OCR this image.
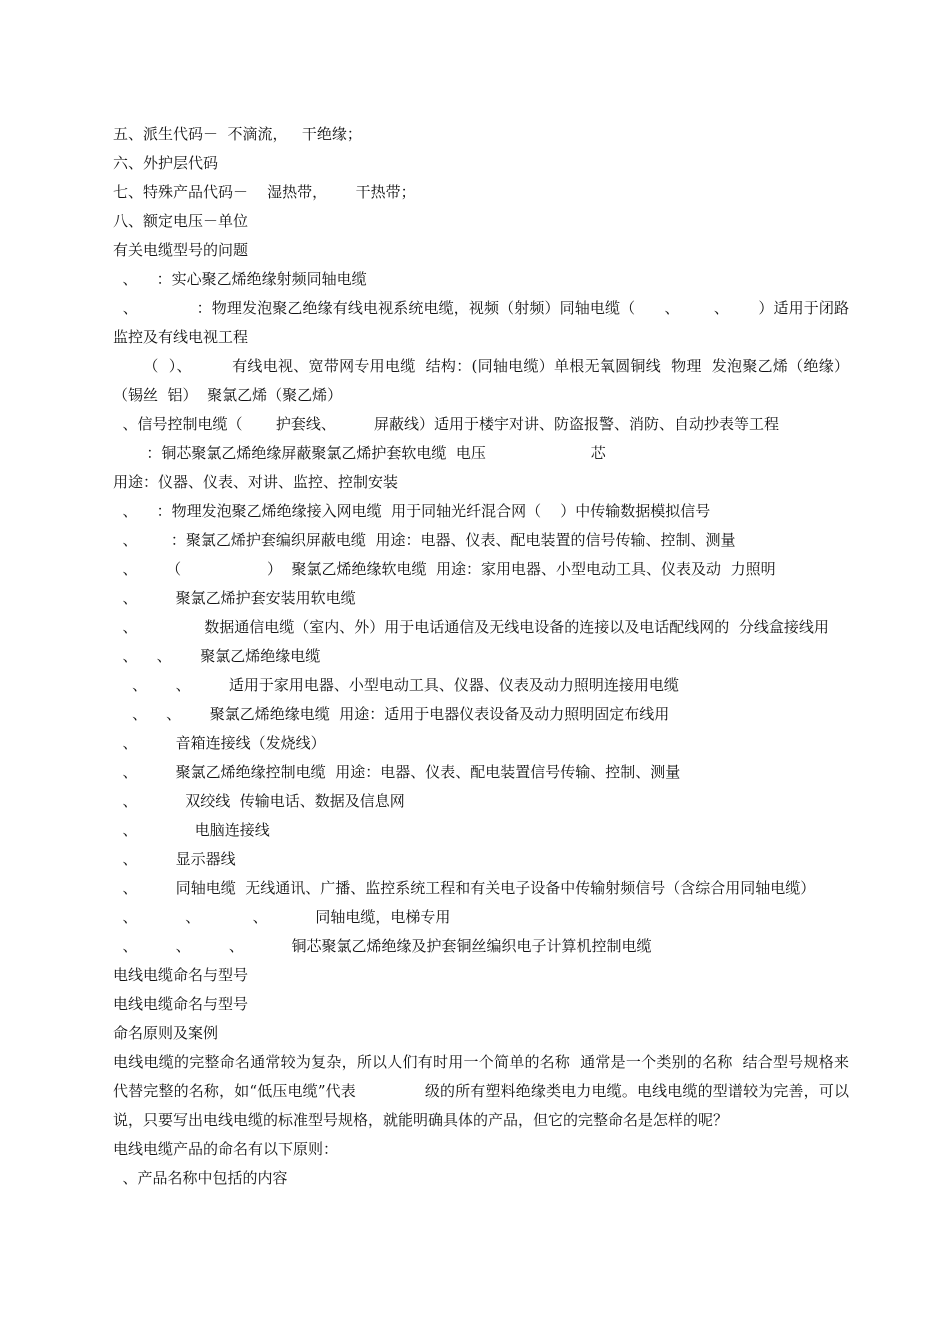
五、派生代码－  不滴流，   干绝缘；

六、外护层代码

七、特殊产品代码－    湿热带，      干热带；

八、额定电压－单位

有关电缆型号的问题

、    ：实心聚乙烯绝缘射频同轴电缆

、            ：物理发泡聚乙绝缘有线电视系统电缆，视频（射频）同轴电缆（      、       、      ）适用于闭路监控及有线电视工程

（  ）、        有线电视、宽带网专用电缆  结构：(同轴电缆）单根无氧圆铜线  物理  发泡聚乙烯（绝缘）  （锡丝  铝）  聚氯乙烯（聚乙烯）

、信号控制电缆（       护套线、        屏蔽线）适用于楼宇对讲、防盗报警、消防、自动抄表等工程

：铜芯聚氯乙烯绝缘屏蔽聚氯乙烯护套软电缆  电压                      芯

用途：仪器、仪表、对讲、监控、控制安装

、    ：物理发泡聚乙烯绝缘接入网电缆  用于同轴光纤混合网（    ）中传输数据模拟信号

、       ：聚氯乙烯护套编织屏蔽电缆  用途：电器、仪表、配电装置的信号传输、控制、测量

、      （                  ）  聚氯乙烯绝缘软电缆  用途：家用电器、小型电动工具、仪表及动  力照明

、        聚氯乙烯护套安装用软电缆

、              数据通信电缆（室内、外）用于电话通信及无线电设备的连接以及电话配线网的  分线盒接线用

、    、      聚氯乙烯绝缘电缆

、      、        适用于家用电器、小型电动工具、仪器、仪表及动力照明连接用电缆

、    、      聚氯乙烯绝缘电缆  用途：适用于电器仪表设备及动力照明固定布线用

、        音箱连接线（发烧线）

、        聚氯乙烯绝缘控制电缆  用途：电器、仪表、配电装置信号传输、控制、测量

、          双绞线  传输电话、数据及信息网

、            电脑连接线

、        显示器线

、        同轴电缆  无线通讯、广播、监控系统工程和有关电子设备中传输射频信号（含综合用同轴电缆）

、          、           、          同轴电缆，电梯专用

、        、        、          铜芯聚氯乙烯绝缘及护套铜丝编织电子计算机控制电缆

电线电缆命名与型号

电线电缆命名与型号

命名原则及案例

电线电缆的完整命名通常较为复杂，所以人们有时用一个简单的名称  通常是一个类别的名称  结合型号规格来代替完整的名称，如“低压电缆”代表              级的所有塑料绝缘类电力电缆。电线电缆的型谱较为完善，可以说，只要写出电线电缆的标准型号规格，就能明确具体的产品，但它的完整命名是怎样的呢？

电线电缆产品的命名有以下原则：

、产品名称中包括的内容
